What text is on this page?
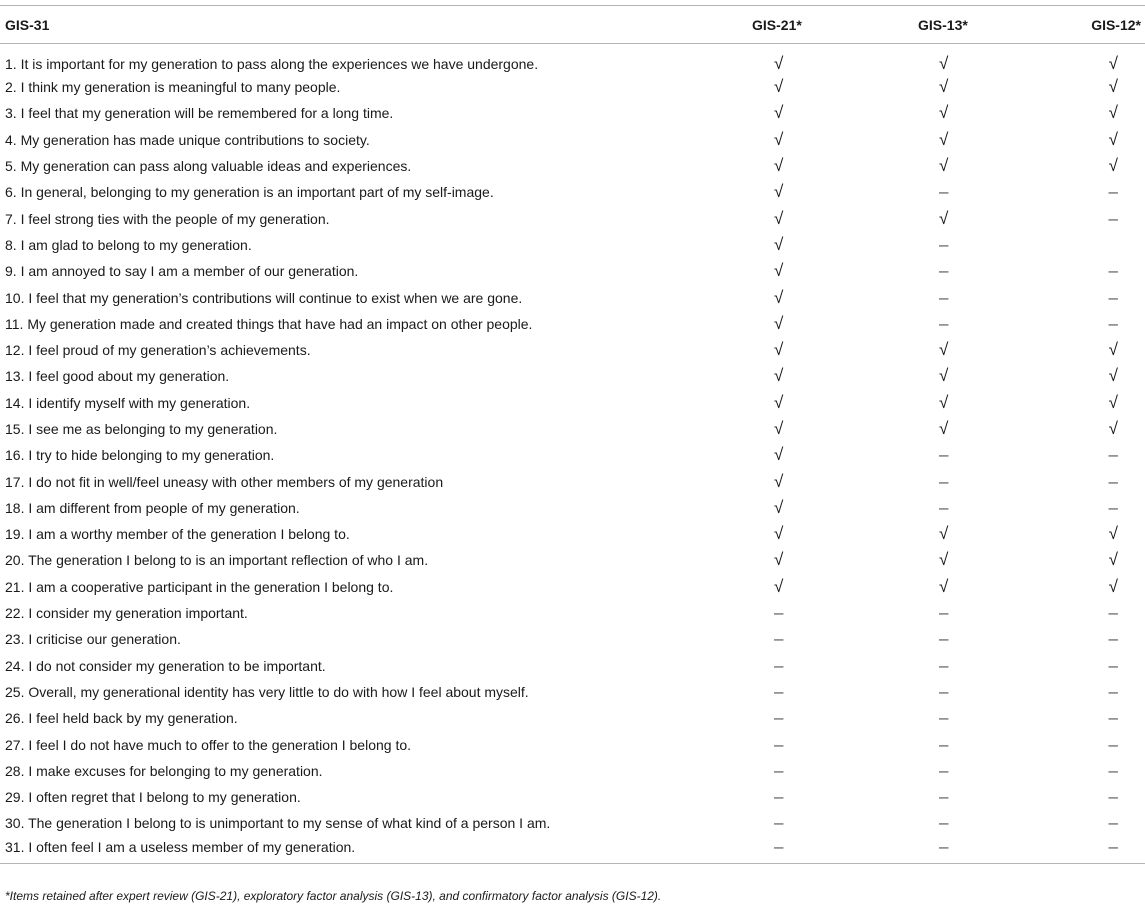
GIS-31	GIS-21*	GIS-13*	GIS-12*
1. It is important for my generation to pass along the experiences we have undergone.	√	√	√
2. I think my generation is meaningful to many people.	√	√	√
3. I feel that my generation will be remembered for a long time.	√	√	√
4. My generation has made unique contributions to society.	√	√	√
5. My generation can pass along valuable ideas and experiences.	√	√	√
6. In general, belonging to my generation is an important part of my self-image.	√	–	–
7. I feel strong ties with the people of my generation.	√	√	–
8. I am glad to belong to my generation.	√	–	
9. I am annoyed to say I am a member of our generation.	√	–	–
10. I feel that my generation’s contributions will continue to exist when we are gone.	√	–	–
11. My generation made and created things that have had an impact on other people.	√	–	–
12. I feel proud of my generation’s achievements.	√	√	√
13. I feel good about my generation.	√	√	√
14. I identify myself with my generation.	√	√	√
15. I see me as belonging to my generation.	√	√	√
16. I try to hide belonging to my generation.	√	–	–
17. I do not fit in well/feel uneasy with other members of my generation	√	–	–
18. I am different from people of my generation.	√	–	–
19. I am a worthy member of the generation I belong to.	√	√	√
20. The generation I belong to is an important reflection of who I am.	√	√	√
21. I am a cooperative participant in the generation I belong to.	√	√	√
22. I consider my generation important.	–	–	–
23. I criticise our generation.	–	–	–
24. I do not consider my generation to be important.	–	–	–
25. Overall, my generational identity has very little to do with how I feel about myself.	–	–	–
26. I feel held back by my generation.	–	–	–
27. I feel I do not have much to offer to the generation I belong to.	–	–	–
28. I make excuses for belonging to my generation.	–	–	–
29. I often regret that I belong to my generation.	–	–	–
30. The generation I belong to is unimportant to my sense of what kind of a person I am.	–	–	–
31. I often feel I am a useless member of my generation.	–	–	–
*Items retained after expert review (GIS-21), exploratory factor analysis (GIS-13), and confirmatory factor analysis (GIS-12).
